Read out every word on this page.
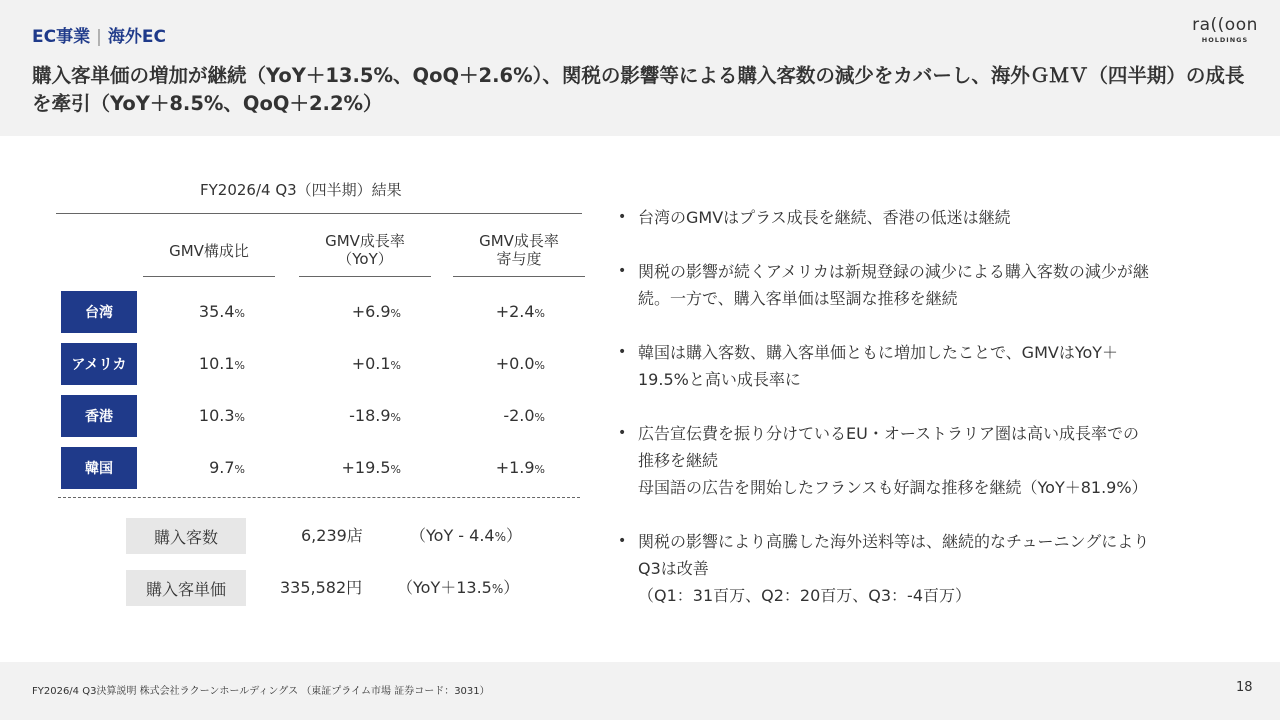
EC事業 | 海外EC
購入客単価の増加が継続（YoY＋13.5%、QoQ＋2.6%）、関税の影響等による購入客数の減少をカバーし、海外ＧＭＶ（四半期）の成長を牽引（YoY＋8.5%、QoQ＋2.2%）
ra((oon
HOLDINGS
FY2026/4 Q3（四半期）結果
GMV構成比
GMV成長率
（YoY）
GMV成長率
寄与度
台湾	35.4%	+6.9%	+2.4%
アメリカ	10.1%	+0.1%	+0.0%
香港	10.3%	-18.9%	-2.0%
韓国	9.7%	+19.5%	+1.9%
購入客数	6,239店	（YoY - 4.4%）
購入客単価	335,582円 （YoY＋13.5%）
• 台湾のGMVはプラス成長を継続、香港の低迷は継続
• 関税の影響が続くアメリカは新規登録の減少による購入客数の減少が継
続。一方で、購入客単価は堅調な推移を継続
• 韓国は購入客数、購入客単価ともに増加したことで、GMVはYoY＋
19.5%と高い成長率に
• 広告宣伝費を振り分けているEU・オーストラリア圏は高い成長率での
推移を継続
母国語の広告を開始したフランスも好調な推移を継続（YoY＋81.9%）
• 関税の影響により高騰した海外送料等は、継続的なチューニングにより
Q3は改善
（Q1：31百万、Q2：20百万、Q3：-4百万）
FY2026/4 Q3決算説明 株式会社ラクーンホールディングス （東証プライム市場 証券コード：3031）	18
